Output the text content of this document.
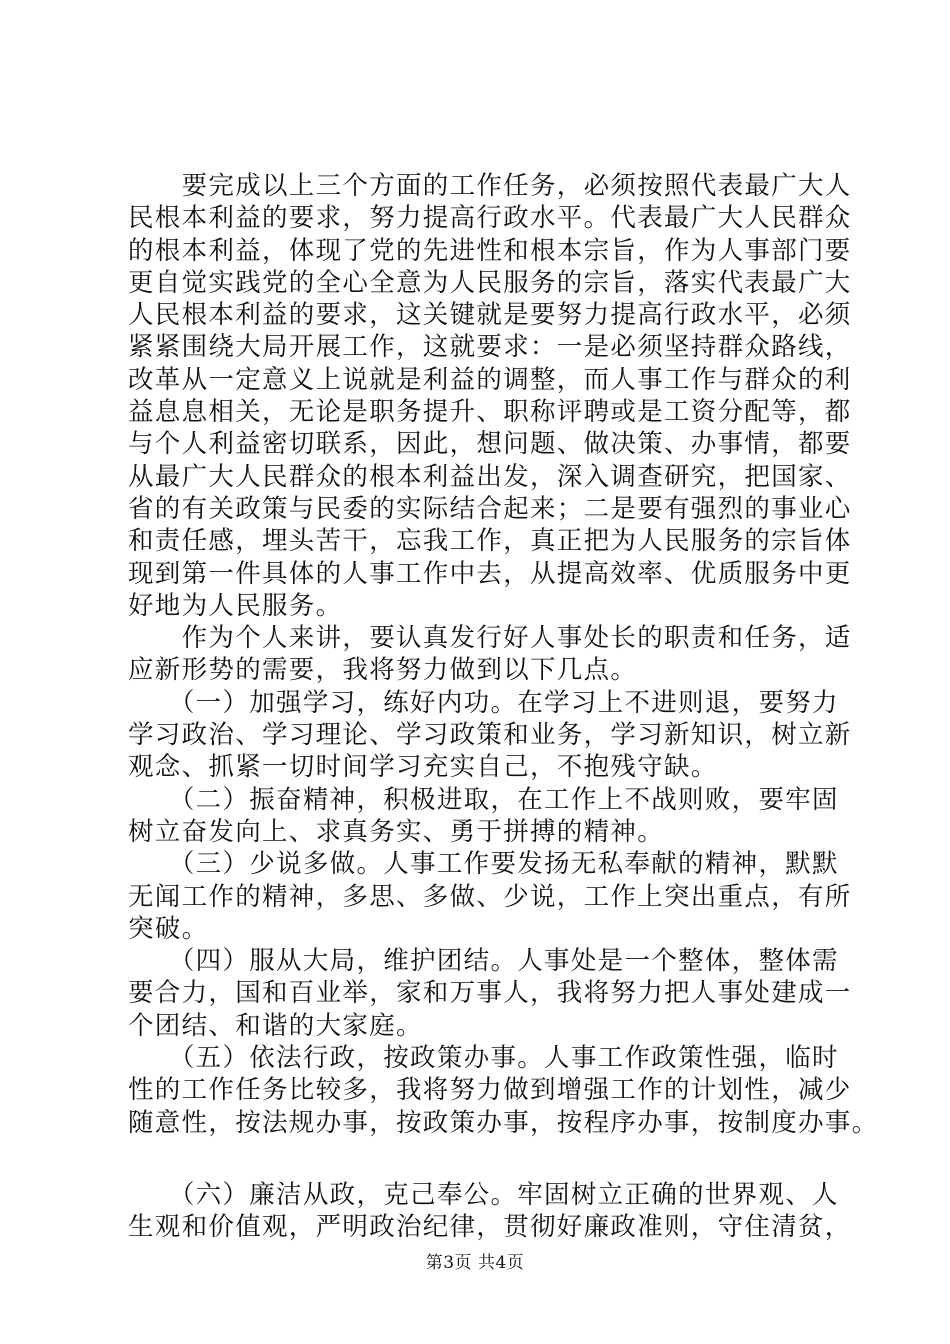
　　要完成以上三个方面的工作任务，必须按照代表最广大人
民根本利益的要求，努力提高行政水平。代表最广大人民群众
的根本利益，体现了党的先进性和根本宗旨，作为人事部门要
更自觉实践党的全心全意为人民服务的宗旨，落实代表最广大
人民根本利益的要求，这关键就是要努力提高行政水平，必须
紧紧围绕大局开展工作，这就要求：一是必须坚持群众路线，
改革从一定意义上说就是利益的调整，而人事工作与群众的利
益息息相关，无论是职务提升、职称评聘或是工资分配等，都
与个人利益密切联系，因此，想问题、做决策、办事情，都要
从最广大人民群众的根本利益出发，深入调查研究，把国家、
省的有关政策与民委的实际结合起来；二是要有强烈的事业心
和责任感，埋头苦干，忘我工作，真正把为人民服务的宗旨体
现到第一件具体的人事工作中去，从提高效率、优质服务中更
好地为人民服务。
　　作为个人来讲，要认真发行好人事处长的职责和任务，适
应新形势的需要，我将努力做到以下几点。
　　（一）加强学习，练好内功。在学习上不进则退，要努力
学习政治、学习理论、学习政策和业务，学习新知识，树立新
观念、抓紧一切时间学习充实自己，不抱残守缺。
　　（二）振奋精神，积极进取，在工作上不战则败，要牢固
树立奋发向上、求真务实、勇于拼搏的精神。
　　（三）少说多做。人事工作要发扬无私奉献的精神，默默
无闻工作的精神，多思、多做、少说，工作上突出重点，有所
突破。
　　（四）服从大局，维护团结。人事处是一个整体，整体需
要合力，国和百业举，家和万事人，我将努力把人事处建成一
个团结、和谐的大家庭。
　　（五）依法行政，按政策办事。人事工作政策性强，临时
性的工作任务比较多，我将努力做到增强工作的计划性，减少
随意性，按法规办事，按政策办事，按程序办事，按制度办事。
　　（六）廉洁从政，克己奉公。牢固树立正确的世界观、人
生观和价值观，严明政治纪律，贯彻好廉政准则，守住清贫，
第3页 共4页
